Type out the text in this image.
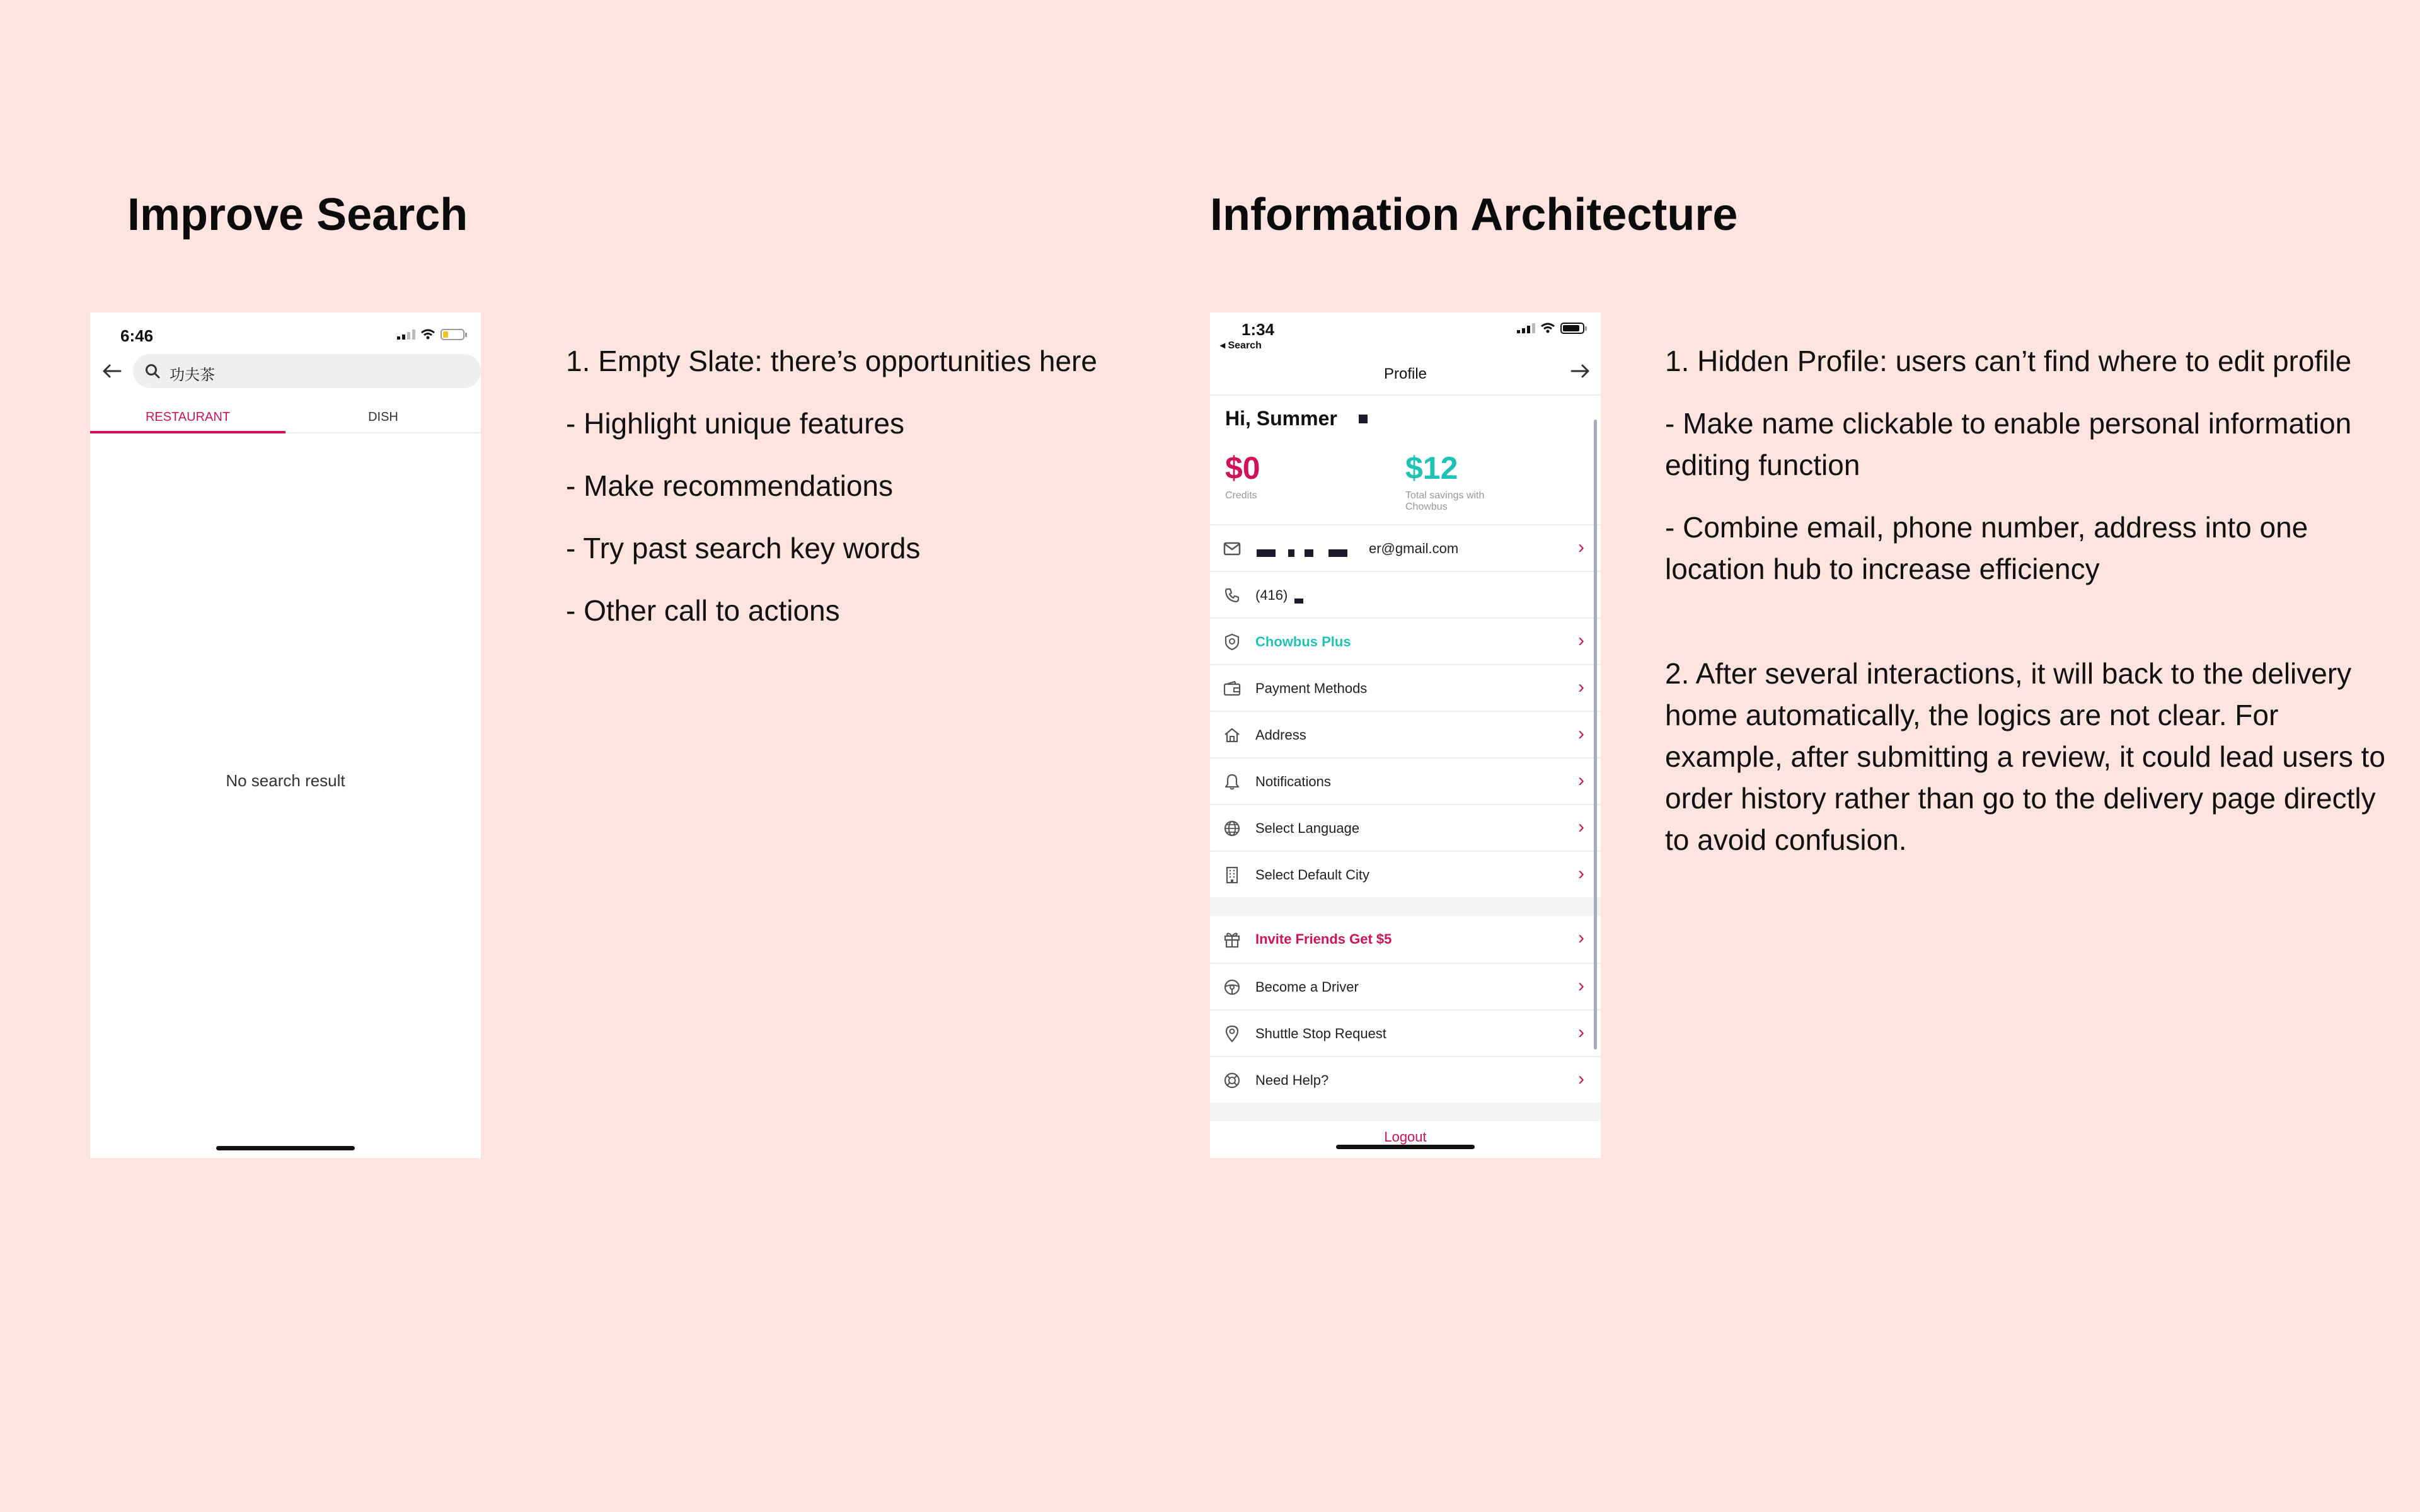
Improve Search
6:46
功夫茶
RESTAURANT	DISH
No search result

1. Empty Slate: there’s opportunities here

- Highlight unique features

- Make recommendations

- Try past search key words

- Other call to actions

Information Architecture
1:34
◂ Search
Profile
Hi, Summer
$0
Credits
$12
Total savings with Chowbus
er@gmail.com	›
(416)
Chowbus Plus	›
Payment Methods	›
Address	›
Notifications	›
Select Language	›
Select Default City	›
Invite Friends Get $5	›
Become a Driver	›
Shuttle Stop Request	›
Need Help?	›
Logout

1. Hidden Profile: users can’t find where to edit profile

- Make name clickable to enable personal information editing function

- Combine email, phone number, address into one location hub to increase efficiency

2. After several interactions, it will back to the delivery home automatically, the logics are not clear. For example, after submitting a review, it could lead users to order history rather than go to the delivery page directly to avoid confusion.
